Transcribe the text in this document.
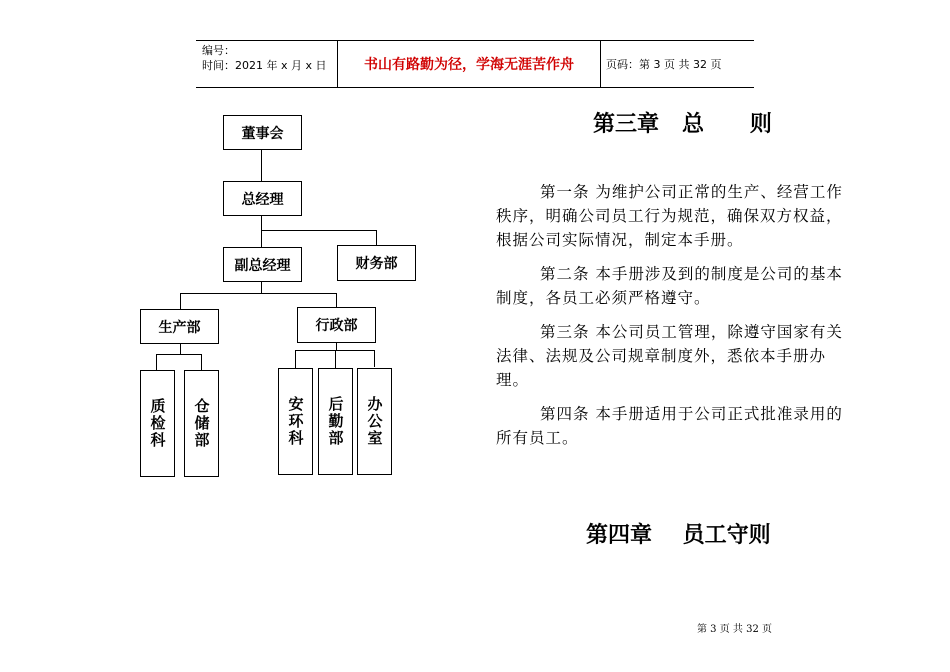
编号：
时间：2021 年 x 月 x 日	书山有路勤为径，学海无涯苦作舟	页码：第 3 页 共 32 页
董事会
总经理
副总经理	财务部
生产部	行政部
质检科 仓储部	安环科 后勤部 办公室
第三章   总      则

第一条 为维护公司正常的生产、经营工作秩序，明确公司员工行为规范，确保双方权益，根据公司实际情况，制定本手册。

第二条 本手册涉及到的制度是公司的基本制度，各员工必须严格遵守。

第三条 本公司员工管理，除遵守国家有关法律、法规及公司规章制度外，悉依本手册办理。

第四条 本手册适用于公司正式批准录用的所有员工。

第四章    员工守则
第 3 页 共 32 页
